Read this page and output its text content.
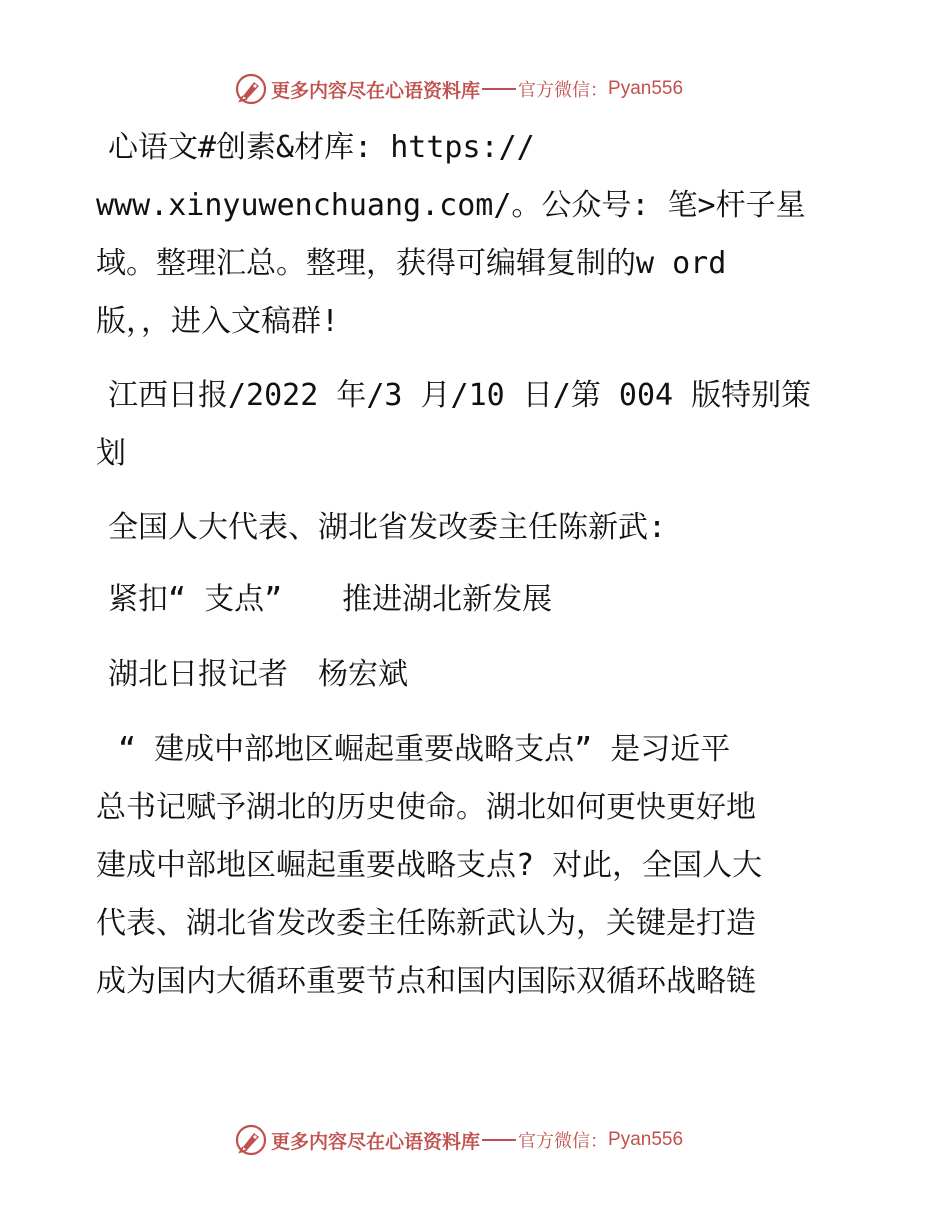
更多内容尽在心语资料库 官方微信： Pyan556
心语文#创素&材库: https://
www.xinyuwenchuang.com/。公众号: 笔>杆子星
域。整理汇总。整理，获得可编辑复制的w ord
版，，进入文稿群!
江西日报/2022 年/3 月/10 日/第 004 版特别策
划
全国人大代表、湖北省发改委主任陈新武:
紧扣“ 支点”　　推进湖北新发展
湖北日报记者　杨宏斌
“ 建成中部地区崛起重要战略支点” 是习近平
总书记赋予湖北的历史使命。湖北如何更快更好地
建成中部地区崛起重要战略支点? 对此，全国人大
代表、湖北省发改委主任陈新武认为，关键是打造
成为国内大循环重要节点和国内国际双循环战略链
更多内容尽在心语资料库 官方微信： Pyan556
